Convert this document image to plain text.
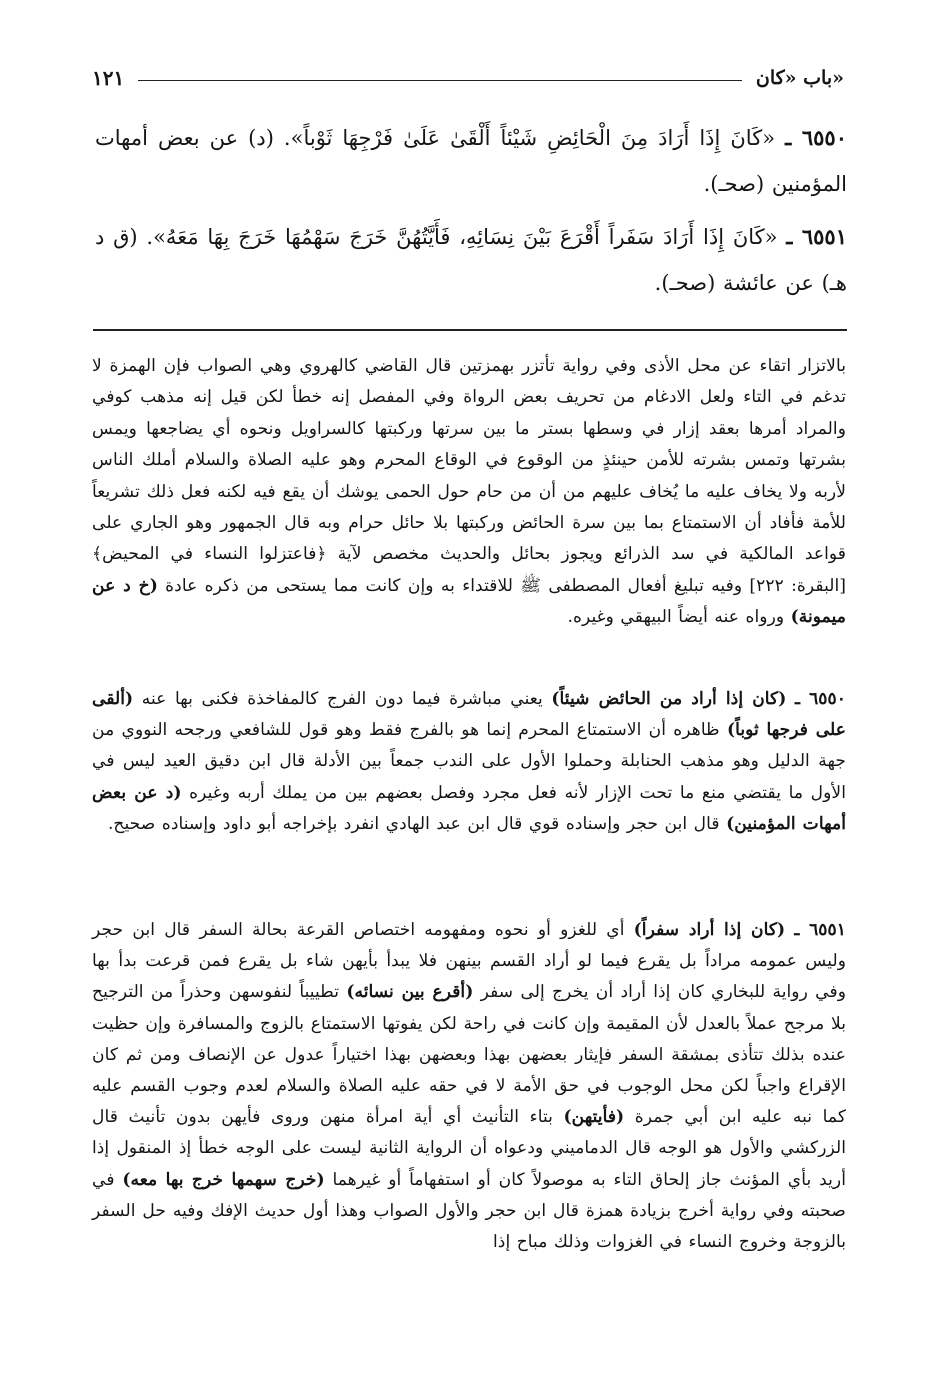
باب «كان»
١٢١

٦٥٥٠ ـ «كَانَ إِذَا أَرَادَ مِنَ الْحَائِضِ شَيْئاً أَلْقَىٰ عَلَىٰ فَرْجِهَا ثَوْباً». (د) عن بعض أمهات المؤمنين (صحـ).

٦٥٥١ ـ «كَانَ إِذَا أَرَادَ سَفَراً أَقْرَعَ بَيْنَ نِسَائِهِ، فَأَيَّتُهُنَّ خَرَجَ سَهْمُهَا خَرَجَ بِهَا مَعَهُ». (ق د هـ) عن عائشة (صحـ).

بالاتزار اتقاء عن محل الأذى وفي رواية تأتزر بهمزتين قال القاضي كالهروي وهي الصواب فإن الهمزة لا تدغم في التاء ولعل الادغام من تحريف بعض الرواة وفي المفصل إنه خطأ لكن قيل إنه مذهب كوفي والمراد أمرها بعقد إزار في وسطها بستر ما بين سرتها وركبتها كالسراويل ونحوه أي يضاجعها ويمس بشرتها وتمس بشرته للأمن حينئذٍ من الوقوع في الوقاع المحرم وهو عليه الصلاة والسلام أملك الناس لأربه ولا يخاف عليه ما يُخاف عليهم من أن من حام حول الحمى يوشك أن يقع فيه لكنه فعل ذلك تشريعاً للأمة فأفاد أن الاستمتاع بما بين سرة الحائض وركبتها بلا حائل حرام وبه قال الجمهور وهو الجاري على قواعد المالكية في سد الذرائع ويجوز بحائل والحديث مخصص لآية ﴿فاعتزلوا النساء في المحيض﴾ [البقرة: ٢٢٢] وفيه تبليغ أفعال المصطفى ﷺ للاقتداء به وإن كانت مما يستحى من ذكره عادة (خ د عن ميمونة) ورواه عنه أيضاً البيهقي وغيره.

٦٥٥٠ ـ (كان إذا أراد من الحائض شيئاً) يعني مباشرة فيما دون الفرج كالمفاخذة فكنى بها عنه (ألقى على فرجها ثوباً) ظاهره أن الاستمتاع المحرم إنما هو بالفرج فقط وهو قول للشافعي ورجحه النووي من جهة الدليل وهو مذهب الحنابلة وحملوا الأول على الندب جمعاً بين الأدلة قال ابن دقيق العيد ليس في الأول ما يقتضي منع ما تحت الإزار لأنه فعل مجرد وفصل بعضهم بين من يملك أربه وغيره (د عن بعض أمهات المؤمنين) قال ابن حجر وإسناده قوي قال ابن عبد الهادي انفرد بإخراجه أبو داود وإسناده صحيح.

٦٥٥١ ـ (كان إذا أراد سفراً) أي للغزو أو نحوه ومفهومه اختصاص القرعة بحالة السفر قال ابن حجر وليس عمومه مراداً بل يقرع فيما لو أراد القسم بينهن فلا يبدأ بأيهن شاء بل يقرع فمن قرعت بدأ بها وفي رواية للبخاري كان إذا أراد أن يخرج إلى سفر (أقرع بين نسائه) تطييباً لنفوسهن وحذراً من الترجيح بلا مرجح عملاً بالعدل لأن المقيمة وإن كانت في راحة لكن يفوتها الاستمتاع بالزوج والمسافرة وإن حظيت عنده بذلك تتأذى بمشقة السفر فإيثار بعضهن بهذا وبعضهن بهذا اختياراً عدول عن الإنصاف ومن ثم كان الإقراع واجباً لكن محل الوجوب في حق الأمة لا في حقه عليه الصلاة والسلام لعدم وجوب القسم عليه كما نبه عليه ابن أبي جمرة (فأيتهن) بتاء التأنيث أي أية امرأة منهن وروى فأيهن بدون تأنيث قال الزركشي والأول هو الوجه قال الدماميني ودعواه أن الرواية الثانية ليست على الوجه خطأ إذ المنقول إذا أريد بأي المؤنث جاز إلحاق التاء به موصولاً كان أو استفهاماً أو غيرهما (خرج سهمها خرج بها معه) في صحبته وفي رواية أخرج بزيادة همزة قال ابن حجر والأول الصواب وهذا أول حديث الإفك وفيه حل السفر بالزوجة وخروج النساء في الغزوات وذلك مباح إذا
